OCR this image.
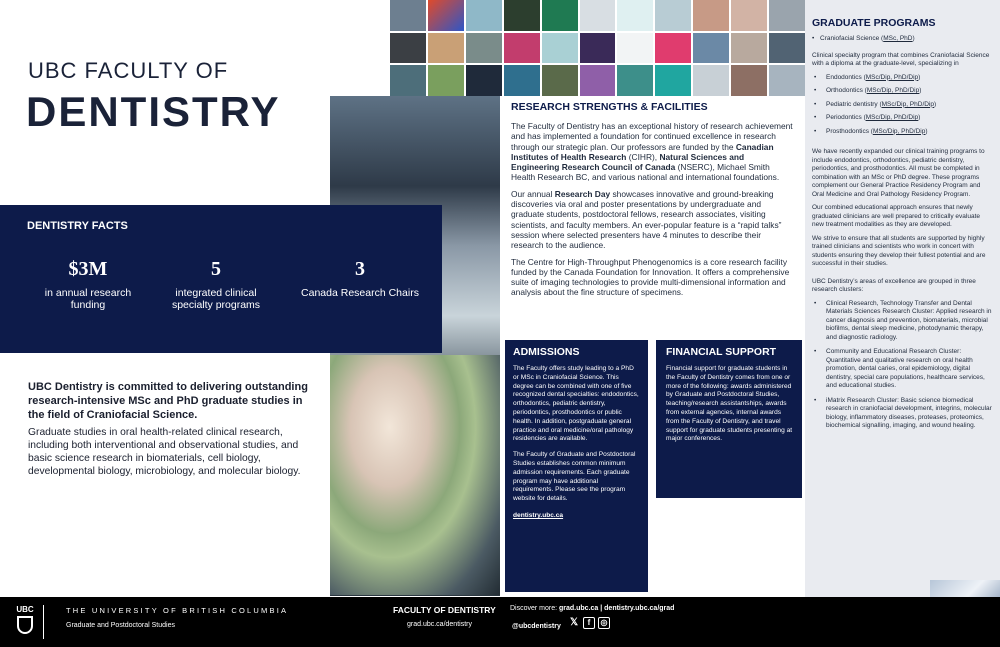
UBC FACULTY OF
DENTISTRY
DENTISTRY FACTS
$3M
in annual research funding
5
integrated clinical specialty programs
3
Canada Research Chairs
UBC Dentistry is committed to delivering outstanding research-intensive MSc and PhD graduate studies in the field of Craniofacial Science.
Graduate studies in oral health-related clinical research, including both interventional and observational studies, and basic science research in biomaterials, cell biology, developmental biology, microbiology, and molecular biology.
RESEARCH STRENGTHS & FACILITIES

The Faculty of Dentistry has an exceptional history of research achievement and has implemented a foundation for continued excellence in research through our strategic plan. Our professors are funded by the Canadian Institutes of Health Research (CIHR), Natural Sciences and Engineering Research Council of Canada (NSERC), Michael Smith Health Research BC, and various national and international foundations.

Our annual Research Day showcases innovative and ground-breaking discoveries via oral and poster presentations by undergraduate and graduate students, postdoctoral fellows, research associates, visiting scientists, and faculty members. An ever-popular feature is a “rapid talks” session where selected presenters have 4 minutes to describe their research to the audience.

The Centre for High-Throughput Phenogenomics is a core research facility funded by the Canada Foundation for Innovation. It offers a comprehensive suite of imaging technologies to provide multi-dimensional information and analysis about the fine structure of specimens.

ADMISSIONS

The Faculty offers study leading to a PhD or MSc in Craniofacial Science. This degree can be combined with one of five recognized dental specialties: endodontics, orthodontics, pediatric dentistry, periodontics, prosthodontics or public health. In addition, postgraduate general practice and oral medicine/oral pathology residencies are available.

The Faculty of Graduate and Postdoctoral Studies establishes common minimum admission requirements. Each graduate program may have additional requirements. Please see the program website for details.

dentistry.ubc.ca
FINANCIAL SUPPORT

Financial support for graduate students in the Faculty of Dentistry comes from one or more of the following: awards administered by Graduate and Postdoctoral Studies, teaching/research assistantships, awards from external agencies, internal awards from the Faculty of Dentistry, and travel support for graduate students presenting at major conferences.

GRADUATE PROGRAMS
• Craniofacial Science (MSc, PhD)
Clinical specialty program that combines Craniofacial Science with a diploma at the graduate-level, specializing in
• Endodontics (MSc/Dip, PhD/Dip)
• Orthodontics (MSc/Dip, PhD/Dip)
• Pediatric dentistry (MSc/Dip, PhD/Dip)
• Periodontics (MSc/Dip, PhD/Dip)
• Prosthodontics (MSc/Dip, PhD/Dip)
We have recently expanded our clinical training programs to include endodontics, orthodontics, pediatric dentistry, periodontics, and prosthodontics. All must be completed in combination with an MSc or PhD degree. These programs complement our General Practice Residency Program and Oral Medicine and Oral Pathology Residency Program.
Our combined educational approach ensures that newly graduated clinicians are well prepared to critically evaluate new treatment modalities as they are developed.
We strive to ensure that all students are supported by highly trained clinicians and scientists who work in concert with students ensuring they develop their fullest potential and are successful in their studies.
UBC Dentistry’s areas of excellence are grouped in three research clusters:
• Clinical Research, Technology Transfer and Dental Materials Sciences Research Cluster: Applied research in cancer diagnosis and prevention, biomaterials, microbial biofilms, dental sleep medicine, photodynamic therapy, and diagnostic radiology.
• Community and Educational Research Cluster: Quantitative and qualitative research on oral health promotion, dental caries, oral epidemiology, digital dentistry, special care populations, healthcare services, and educational studies.
• iMatrix Research Cluster: Basic science biomedical research in craniofacial development, integrins, molecular biology, inflammatory diseases, proteases, proteomics, biochemical signalling, imaging, and wound healing.
UBC	THE UNIVERSITY OF BRITISH COLUMBIA
Graduate and Postdoctoral Studies
FACULTY OF DENTISTRY
grad.ubc.ca/dentistry
Discover more: grad.ubc.ca | dentistry.ubc.ca/grad
@ubcdentistry 𝕏	f	◎
